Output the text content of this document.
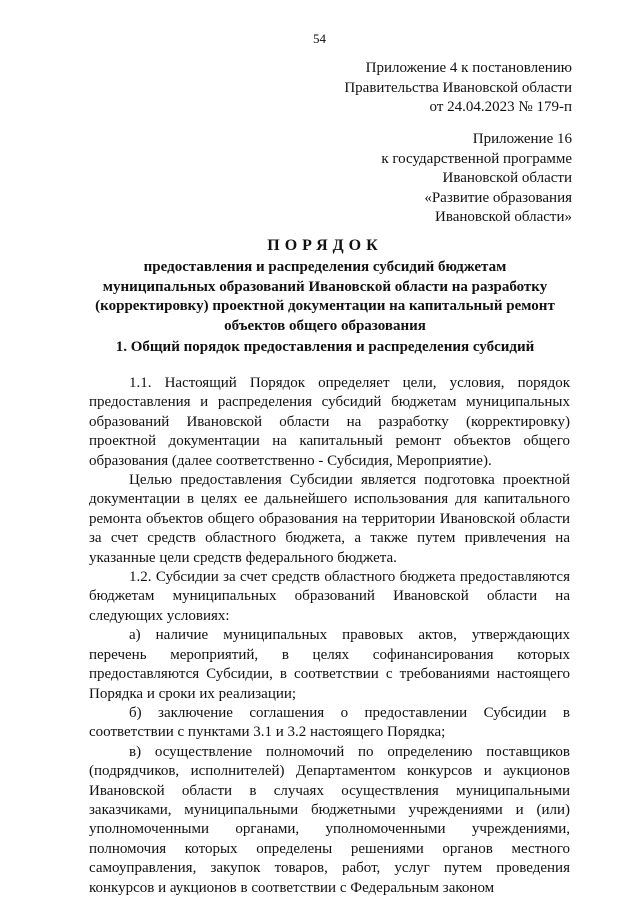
54
Приложение 4 к постановлению
Правительства Ивановской области
от 24.04.2023 № 179-п
Приложение 16
к государственной программе
Ивановской области
«Развитие образования
Ивановской области»
ПОРЯДОК
предоставления и распределения субсидий бюджетам
муниципальных образований Ивановской области на разработку
(корректировку) проектной документации на капитальный ремонт
объектов общего образования
1. Общий порядок предоставления и распределения субсидий

1.1. Настоящий Порядок определяет цели, условия, порядок предоставления и распределения субсидий бюджетам муниципальных образований Ивановской области на разработку (корректировку) проектной документации на капитальный ремонт объектов общего образования (далее соответственно - Субсидия, Мероприятие).

Целью предоставления Субсидии является подготовка проектной документации в целях ее дальнейшего использования для капитального ремонта объектов общего образования на территории Ивановской области за счет средств областного бюджета, а также путем привлечения на указанные цели средств федерального бюджета.

1.2. Субсидии за счет средств областного бюджета предоставляются бюджетам муниципальных образований Ивановской области на следующих условиях:

а) наличие муниципальных правовых актов, утверждающих перечень мероприятий, в целях софинансирования которых предоставляются Субсидии, в соответствии с требованиями настоящего Порядка и сроки их реализации;

б) заключение соглашения о предоставлении Субсидии в соответствии с пунктами 3.1 и 3.2 настоящего Порядка;

в) осуществление полномочий по определению поставщиков (подрядчиков, исполнителей) Департаментом конкурсов и аукционов Ивановской области в случаях осуществления муниципальными заказчиками, муниципальными бюджетными учреждениями и (или) уполномоченными органами, уполномоченными учреждениями, полномочия которых определены решениями органов местного самоуправления, закупок товаров, работ, услуг путем проведения конкурсов и аукционов в соответствии с Федеральным законом
